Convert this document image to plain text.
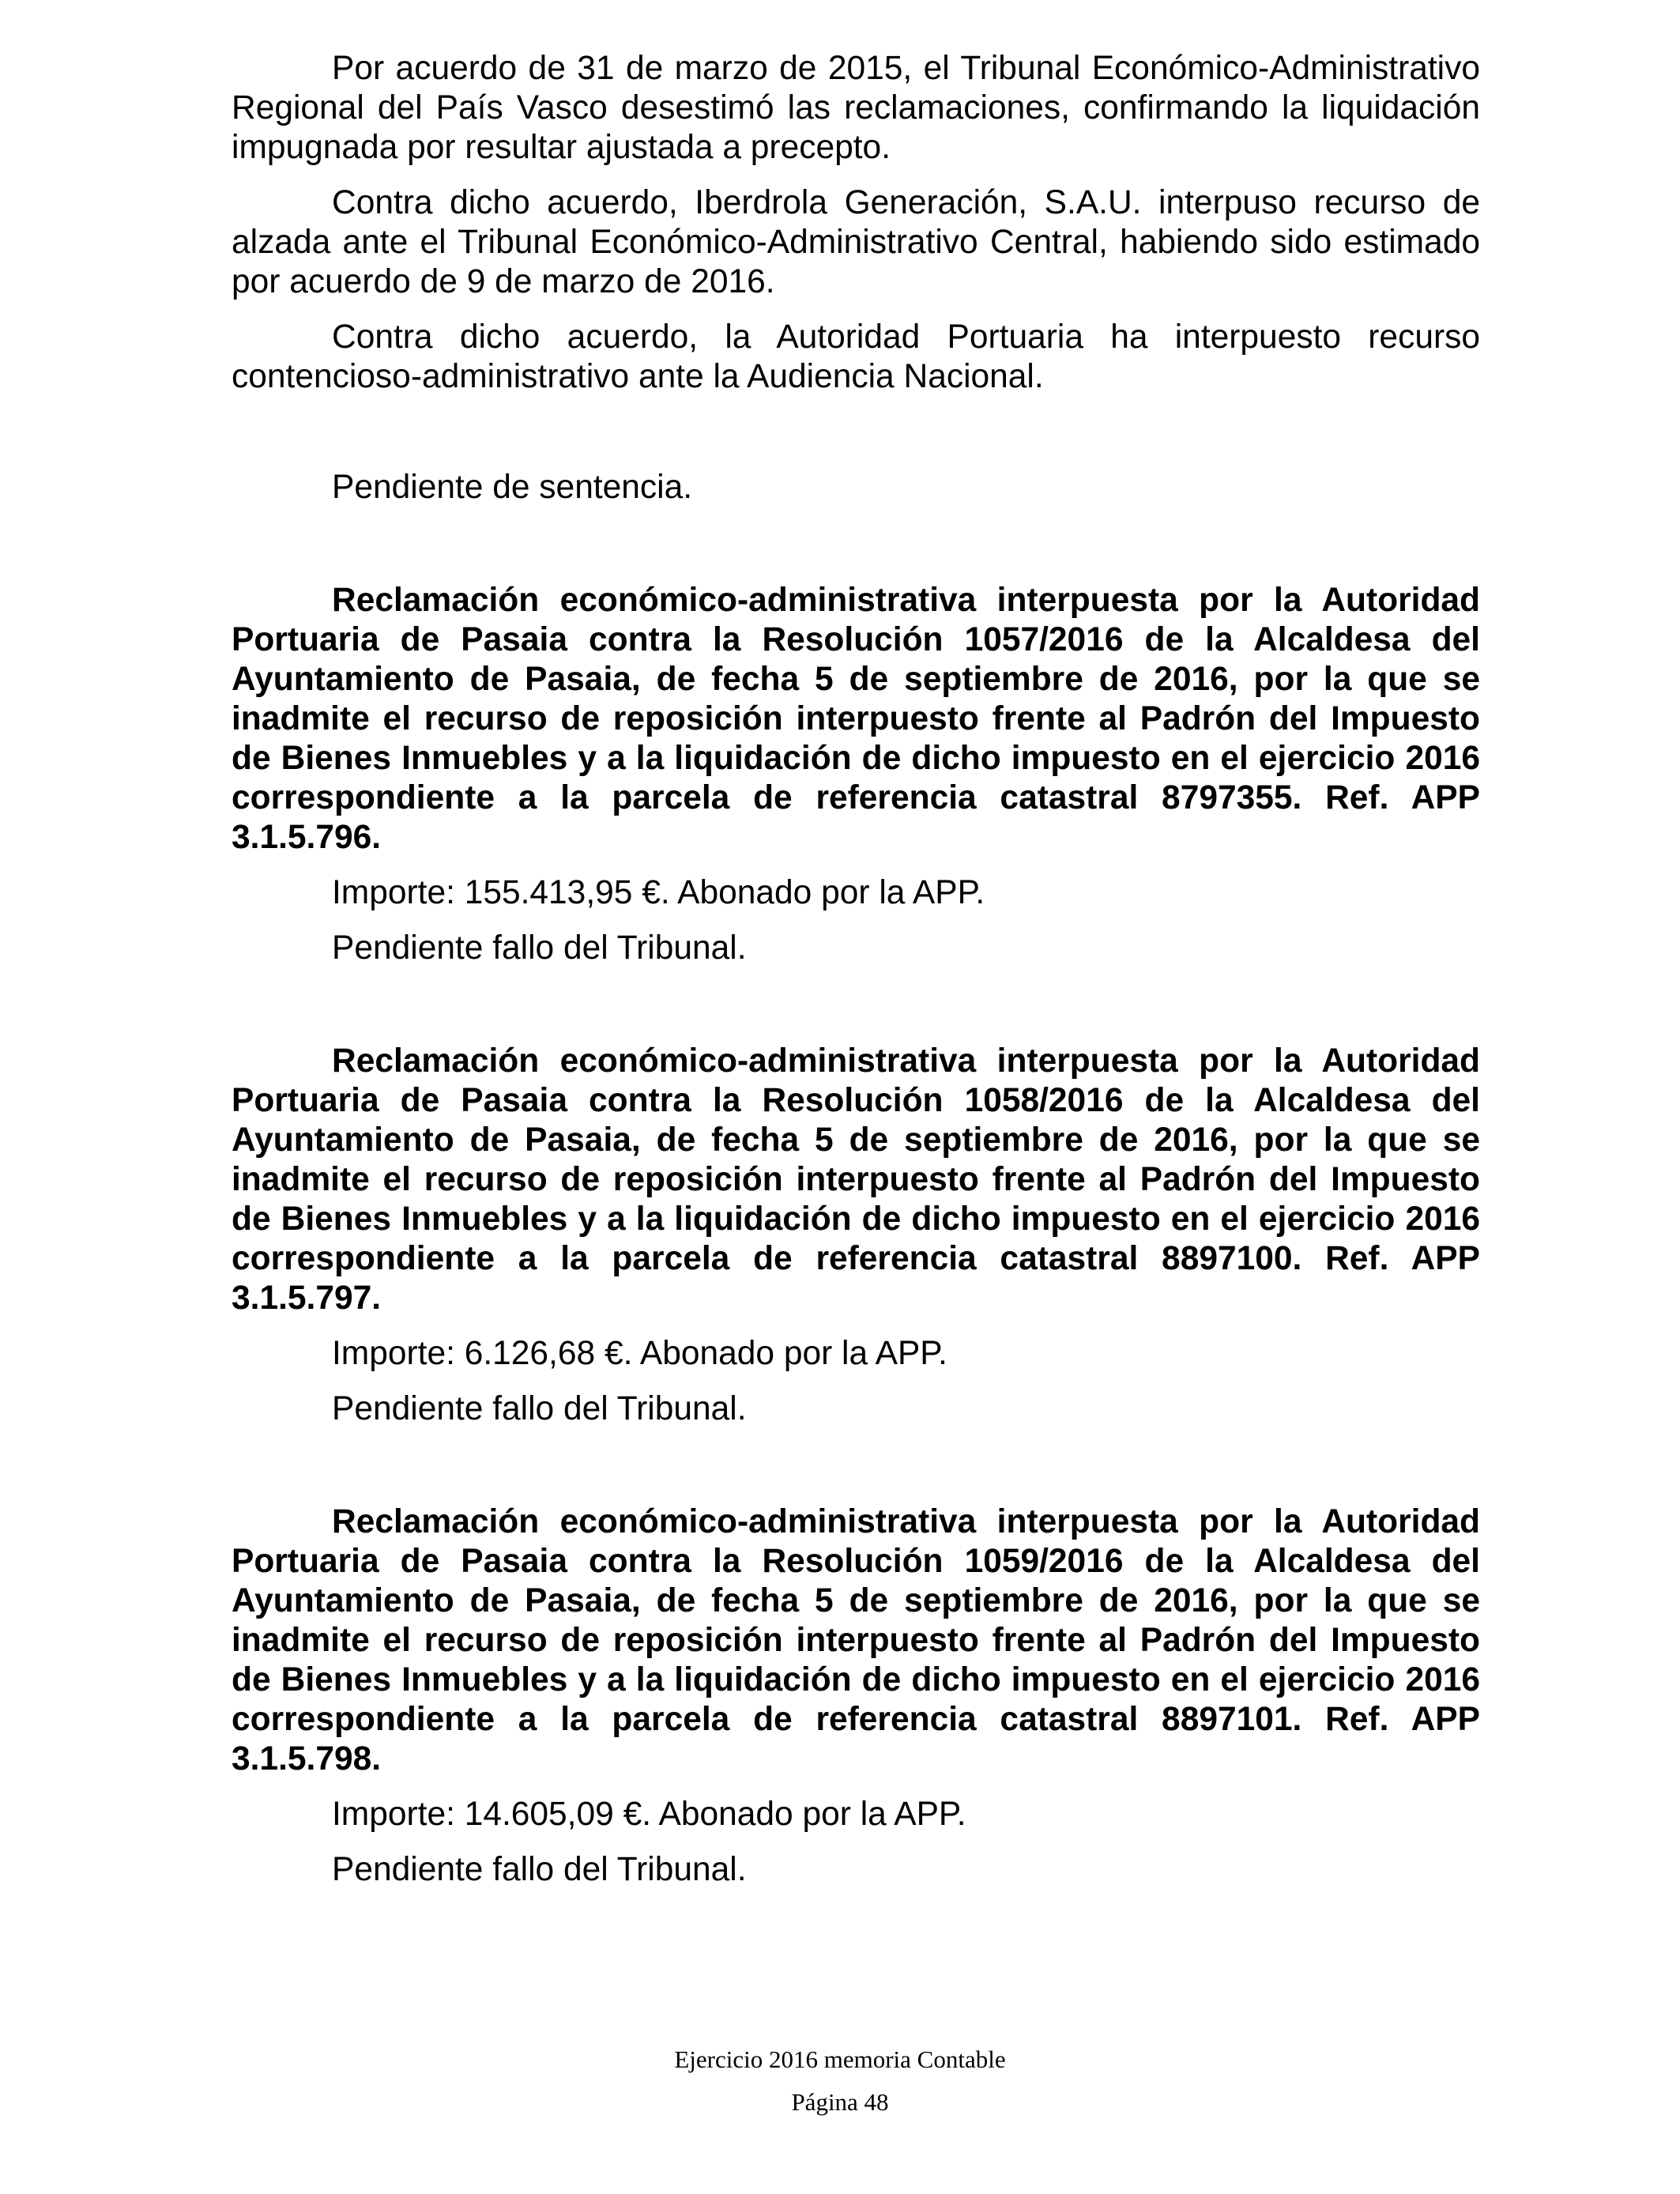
Por acuerdo de 31 de marzo de 2015, el Tribunal Económico-Administrativo Regional del País Vasco desestimó las reclamaciones, confirmando la liquidación impugnada por resultar ajustada a precepto.

Contra dicho acuerdo, Iberdrola Generación, S.A.U. interpuso recurso de alzada ante el Tribunal Económico-Administrativo Central, habiendo sido estimado por acuerdo de 9 de marzo de 2016.

Contra dicho acuerdo, la Autoridad Portuaria ha interpuesto recurso contencioso-administrativo ante la Audiencia Nacional.

Pendiente de sentencia.

Reclamación económico-administrativa interpuesta por la Autoridad Portuaria de Pasaia contra la Resolución 1057/2016 de la Alcaldesa del Ayuntamiento de Pasaia, de fecha 5 de septiembre de 2016, por la que se inadmite el recurso de reposición interpuesto frente al Padrón del Impuesto de Bienes Inmuebles y a la liquidación de dicho impuesto en el ejercicio 2016 correspondiente a la parcela de referencia catastral 8797355. Ref. APP 3.1.5.796.

Importe: 155.413,95 €. Abonado por la APP.

Pendiente fallo del Tribunal.

Reclamación económico-administrativa interpuesta por la Autoridad Portuaria de Pasaia contra la Resolución 1058/2016 de la Alcaldesa del Ayuntamiento de Pasaia, de fecha 5 de septiembre de 2016, por la que se inadmite el recurso de reposición interpuesto frente al Padrón del Impuesto de Bienes Inmuebles y a la liquidación de dicho impuesto en el ejercicio 2016 correspondiente a la parcela de referencia catastral 8897100. Ref. APP 3.1.5.797.

Importe: 6.126,68 €. Abonado por la APP.

Pendiente fallo del Tribunal.

Reclamación económico-administrativa interpuesta por la Autoridad Portuaria de Pasaia contra la Resolución 1059/2016 de la Alcaldesa del Ayuntamiento de Pasaia, de fecha 5 de septiembre de 2016, por la que se inadmite el recurso de reposición interpuesto frente al Padrón del Impuesto de Bienes Inmuebles y a la liquidación de dicho impuesto en el ejercicio 2016 correspondiente a la parcela de referencia catastral 8897101. Ref. APP 3.1.5.798.

Importe: 14.605,09 €. Abonado por la APP.

Pendiente fallo del Tribunal.

Ejercicio 2016 memoria Contable
Página 48
